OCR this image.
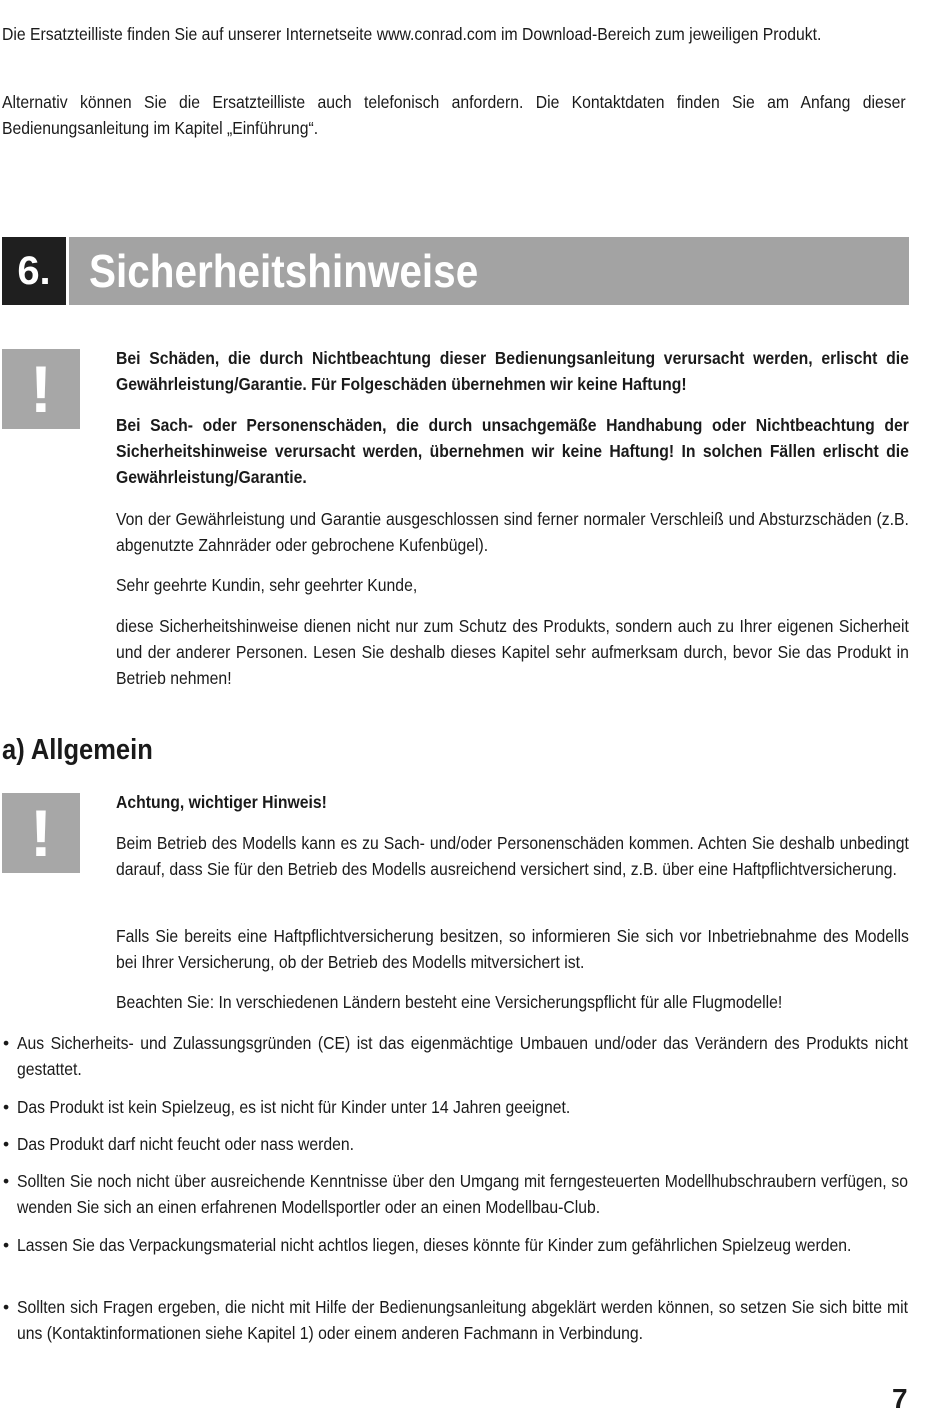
Die Ersatzteilliste finden Sie auf unserer Internetseite www.conrad.com im Download-Bereich zum jeweiligen Produkt.
Alternativ können Sie die Ersatzteilliste auch telefonisch anfordern. Die Kontaktdaten finden Sie am Anfang dieser Bedienungsanleitung im Kapitel „Einführung“.
6. Sicherheitshinweise
!	Bei Schäden, die durch Nichtbeachtung dieser Bedienungsanleitung verursacht werden, erlischt die Gewährleistung/Garantie. Für Folgeschäden übernehmen wir keine Haftung!
Bei Sach- oder Personenschäden, die durch unsachgemäße Handhabung oder Nichtbeachtung der Sicherheitshinweise verursacht werden, übernehmen wir keine Haftung! In solchen Fällen erlischt die Gewährleistung/Garantie.
Von der Gewährleistung und Garantie ausgeschlossen sind ferner normaler Verschleiß und Absturzschäden (z.B. abgenutzte Zahnräder oder gebrochene Kufenbügel).
Sehr geehrte Kundin, sehr geehrter Kunde,
diese Sicherheitshinweise dienen nicht nur zum Schutz des Produkts, sondern auch zu Ihrer eigenen Sicherheit und der anderer Personen. Lesen Sie deshalb dieses Kapitel sehr aufmerksam durch, bevor Sie das Produkt in Betrieb nehmen!
a) Allgemein
!	Achtung, wichtiger Hinweis!
Beim Betrieb des Modells kann es zu Sach- und/oder Personenschäden kommen. Achten Sie deshalb unbedingt darauf, dass Sie für den Betrieb des Modells ausreichend versichert sind, z.B. über eine Haftpflichtversicherung.
Falls Sie bereits eine Haftpflichtversicherung besitzen, so informieren Sie sich vor Inbetriebnahme des Modells bei Ihrer Versicherung, ob der Betrieb des Modells mitversichert ist.
Beachten Sie: In verschiedenen Ländern besteht eine Versicherungspflicht für alle Flugmodelle!
• Aus Sicherheits- und Zulassungsgründen (CE) ist das eigenmächtige Umbauen und/oder das Verändern des Produkts nicht gestattet.
• Das Produkt ist kein Spielzeug, es ist nicht für Kinder unter 14 Jahren geeignet.
• Das Produkt darf nicht feucht oder nass werden.
• Sollten Sie noch nicht über ausreichende Kenntnisse über den Umgang mit ferngesteuerten Modellhubschraubern verfügen, so wenden Sie sich an einen erfahrenen Modellsportler oder an einen Modellbau-Club.
• Lassen Sie das Verpackungsmaterial nicht achtlos liegen, dieses könnte für Kinder zum gefährlichen Spielzeug werden.
• Sollten sich Fragen ergeben, die nicht mit Hilfe der Bedienungsanleitung abgeklärt werden können, so setzen Sie sich bitte mit uns (Kontaktinformationen siehe Kapitel 1) oder einem anderen Fachmann in Verbindung.
7
